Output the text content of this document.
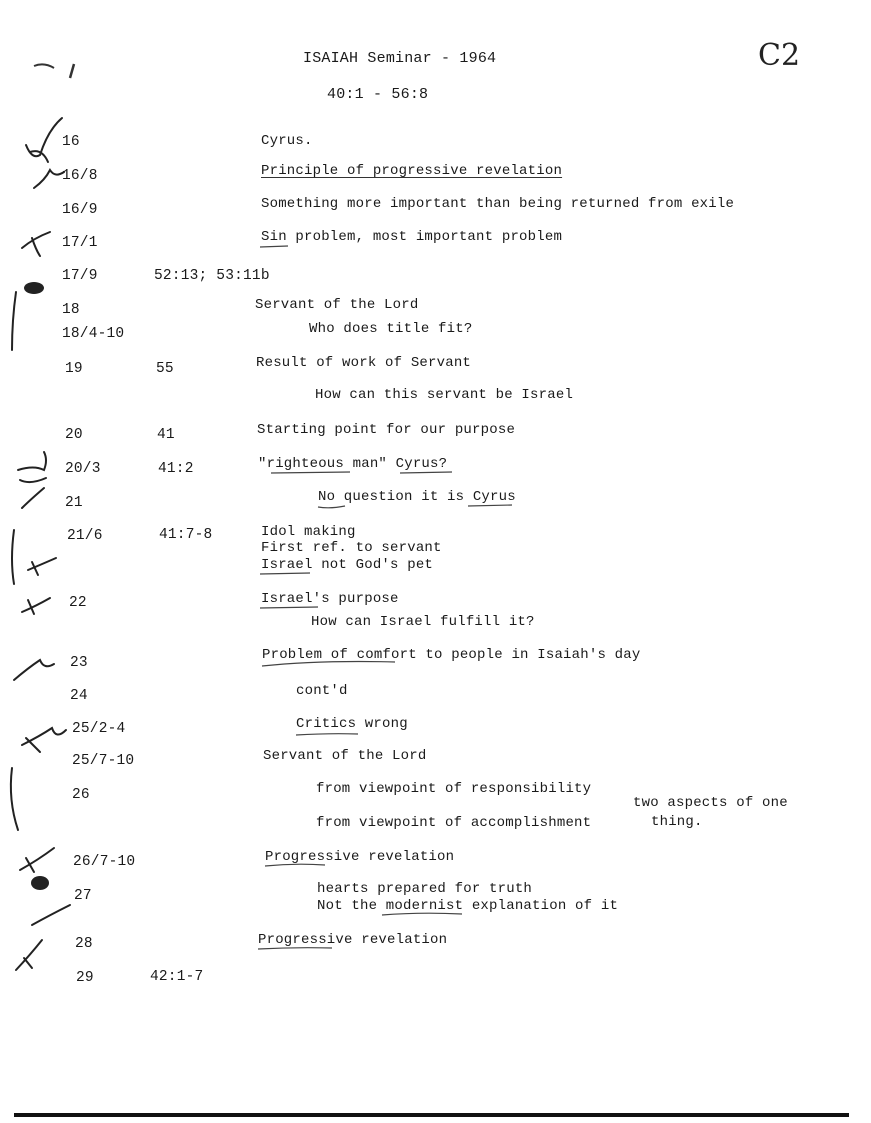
ISAIAH Seminar - 1964
40:1 - 56:8
C2
16
16/8
16/9
17/1
17/9
18
18/4-10
19
20
20/3
21
21/6
22
23
24
25/2-4
25/7-10
26
26/7-10
27
28
29
52:13; 53:11b
55
41
41:2
41:7-8
42:1-7
Cyrus.
Principle of progressive revelation
Something more important than being returned from exile
Sin problem, most important problem
Servant of the Lord
Who does title fit?
Result of work of Servant
How can this servant be Israel
Starting point for our purpose
"righteous man" Cyrus?
No question it is Cyrus
Idol making
First ref. to servant
Israel not God's pet
Israel's purpose
How can Israel fulfill it?
Problem of comfort to people in Isaiah's day
cont'd
Critics wrong
Servant of the Lord
from viewpoint of responsibility
from viewpoint of accomplishment
Progressive revelation
hearts prepared for truth
Not the modernist explanation of it
Progressive revelation
two aspects of one
thing.
